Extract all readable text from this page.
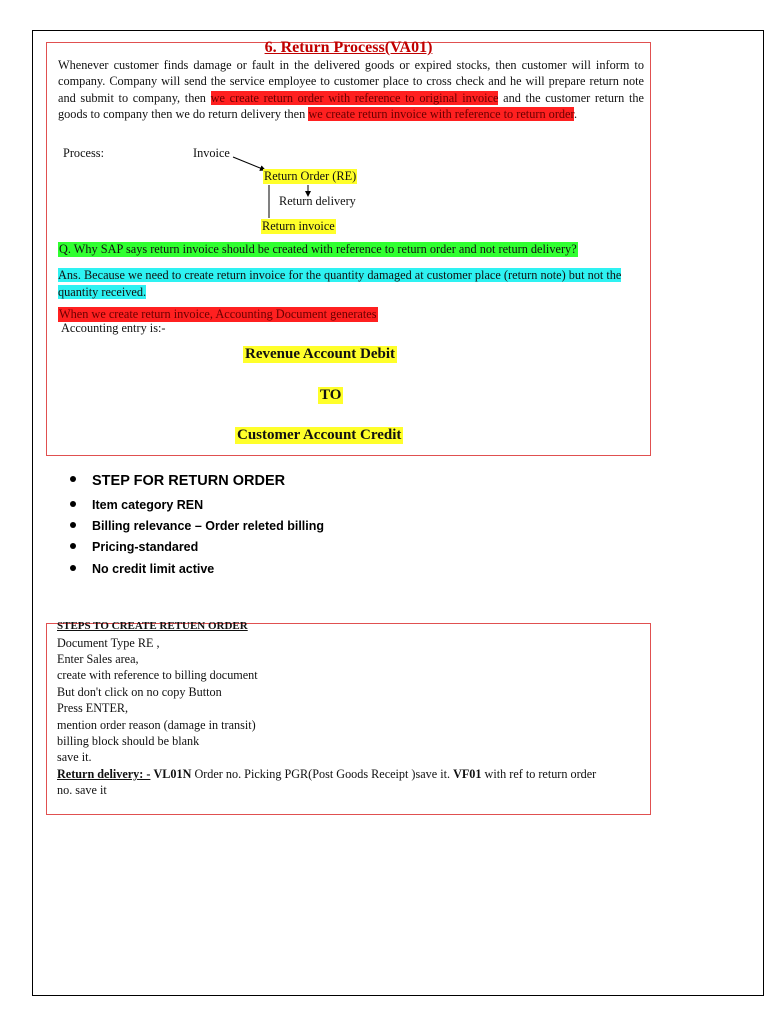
6. Return Process(VA01)
Whenever customer finds damage or fault in the delivered goods or expired stocks, then customer will inform to company. Company will send the service employee to customer place to cross check and he will prepare return note and submit to company, then we create return order with reference to original invoice and the customer return the goods to company then we do return delivery then we create return invoice with reference to return order.
Process:	Invoice
Return Order (RE)
Return delivery
Return invoice
Q. Why SAP says return invoice should be created with reference to return order and not return delivery?
Ans. Because we need to create return invoice for the quantity damaged at customer place (return note) but not the quantity received.
When we create return invoice, Accounting Document generates
Accounting entry is:-
Revenue Account Debit
TO
Customer Account Credit
STEP FOR RETURN ORDER
Item category REN
Billing relevance – Order releted billing
Pricing-standared
No credit limit active
STEPS TO CREATE RETUEN ORDER
Document Type RE ,
Enter Sales area,
create with reference to billing document
But don't click on no copy Button
Press ENTER,
mention order reason (damage in transit)
billing block should be blank
save it.
Return delivery: - VL01N Order no. Picking PGR(Post Goods Receipt )save it. VF01 with ref to return order
no. save it
